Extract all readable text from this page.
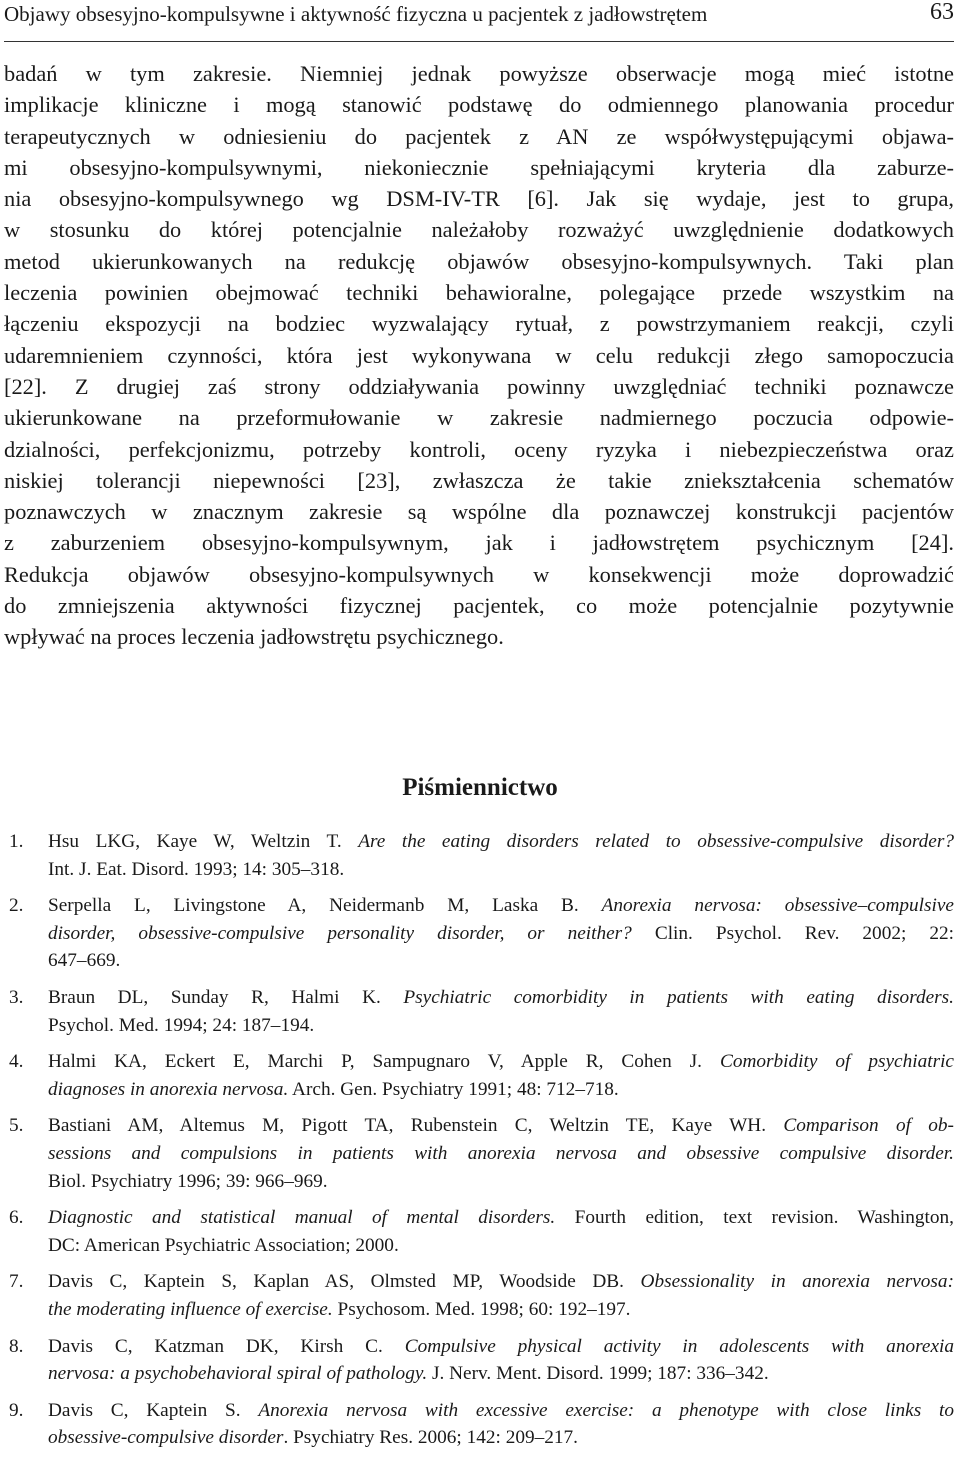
Objawy obsesyjno-kompulsywne i aktywność fizyczna u pacjentek z jadłowstrętem	63
badań w tym zakresie. Niemniej jednak powyższe obserwacje mogą mieć istotne
implikacje kliniczne i mogą stanowić podstawę do odmiennego planowania procedur
terapeutycznych w odniesieniu do pacjentek z AN ze współwystępującymi objawa-
mi obsesyjno-kompulsywnymi, niekoniecznie spełniającymi kryteria dla zaburze-
nia obsesyjno-kompulsywnego wg DSM-IV-TR [6]. Jak się wydaje, jest to grupa,
w stosunku do której potencjalnie należałoby rozważyć uwzględnienie dodatkowych
metod ukierunkowanych na redukcję objawów obsesyjno-kompulsywnych. Taki plan
leczenia powinien obejmować techniki behawioralne, polegające przede wszystkim na
łączeniu ekspozycji na bodziec wyzwalający rytuał, z powstrzymaniem reakcji, czyli
udaremnieniem czynności, która jest wykonywana w celu redukcji złego samopoczucia
[22]. Z drugiej zaś strony oddziaływania powinny uwzględniać techniki poznawcze
ukierunkowane na przeformułowanie w zakresie nadmiernego poczucia odpowie-
dzialności, perfekcjonizmu, potrzeby kontroli, oceny ryzyka i niebezpieczeństwa oraz
niskiej tolerancji niepewności [23], zwłaszcza że takie zniekształcenia schematów
poznawczych w znacznym zakresie są wspólne dla poznawczej konstrukcji pacjentów
z zaburzeniem obsesyjno-kompulsywnym, jak i jadłowstrętem psychicznym [24].
Redukcja objawów obsesyjno-kompulsywnych w konsekwencji może doprowadzić
do zmniejszenia aktywności fizycznej pacjentek, co może potencjalnie pozytywnie
wpływać na proces leczenia jadłowstrętu psychicznego.
Piśmiennictwo
1. Hsu LKG, Kaye W, Weltzin T. Are the eating disorders related to obsessive-compulsive disorder?
Int. J. Eat. Disord. 1993; 14: 305–318.
2. Serpella L, Livingstone A, Neidermanb M, Laska B. Anorexia nervosa: obsessive–compulsive
disorder, obsessive-compulsive personality disorder, or neither? Clin. Psychol. Rev. 2002; 22:
647–669.
3. Braun DL, Sunday R, Halmi K. Psychiatric comorbidity in patients with eating disorders.
Psychol. Med. 1994; 24: 187–194.
4. Halmi KA, Eckert E, Marchi P, Sampugnaro V, Apple R, Cohen J. Comorbidity of psychiatric
diagnoses in anorexia nervosa. Arch. Gen. Psychiatry 1991; 48: 712–718.
5. Bastiani AM, Altemus M, Pigott TA, Rubenstein C, Weltzin TE, Kaye WH. Comparison of ob-
sessions and compulsions in patients with anorexia nervosa and obsessive compulsive disorder.
Biol. Psychiatry 1996; 39: 966–969.
6. Diagnostic and statistical manual of mental disorders. Fourth edition, text revision. Washington,
DC: American Psychiatric Association; 2000.
7. Davis C, Kaptein S, Kaplan AS, Olmsted MP, Woodside DB. Obsessionality in anorexia nervosa:
the moderating influence of exercise. Psychosom. Med. 1998; 60: 192–197.
8. Davis C, Katzman DK, Kirsh C. Compulsive physical activity in adolescents with anorexia
nervosa: a psychobehavioral spiral of pathology. J. Nerv. Ment. Disord. 1999; 187: 336–342.
9. Davis C, Kaptein S. Anorexia nervosa with excessive exercise: a phenotype with close links to
obsessive-compulsive disorder. Psychiatry Res. 2006; 142: 209–217.
